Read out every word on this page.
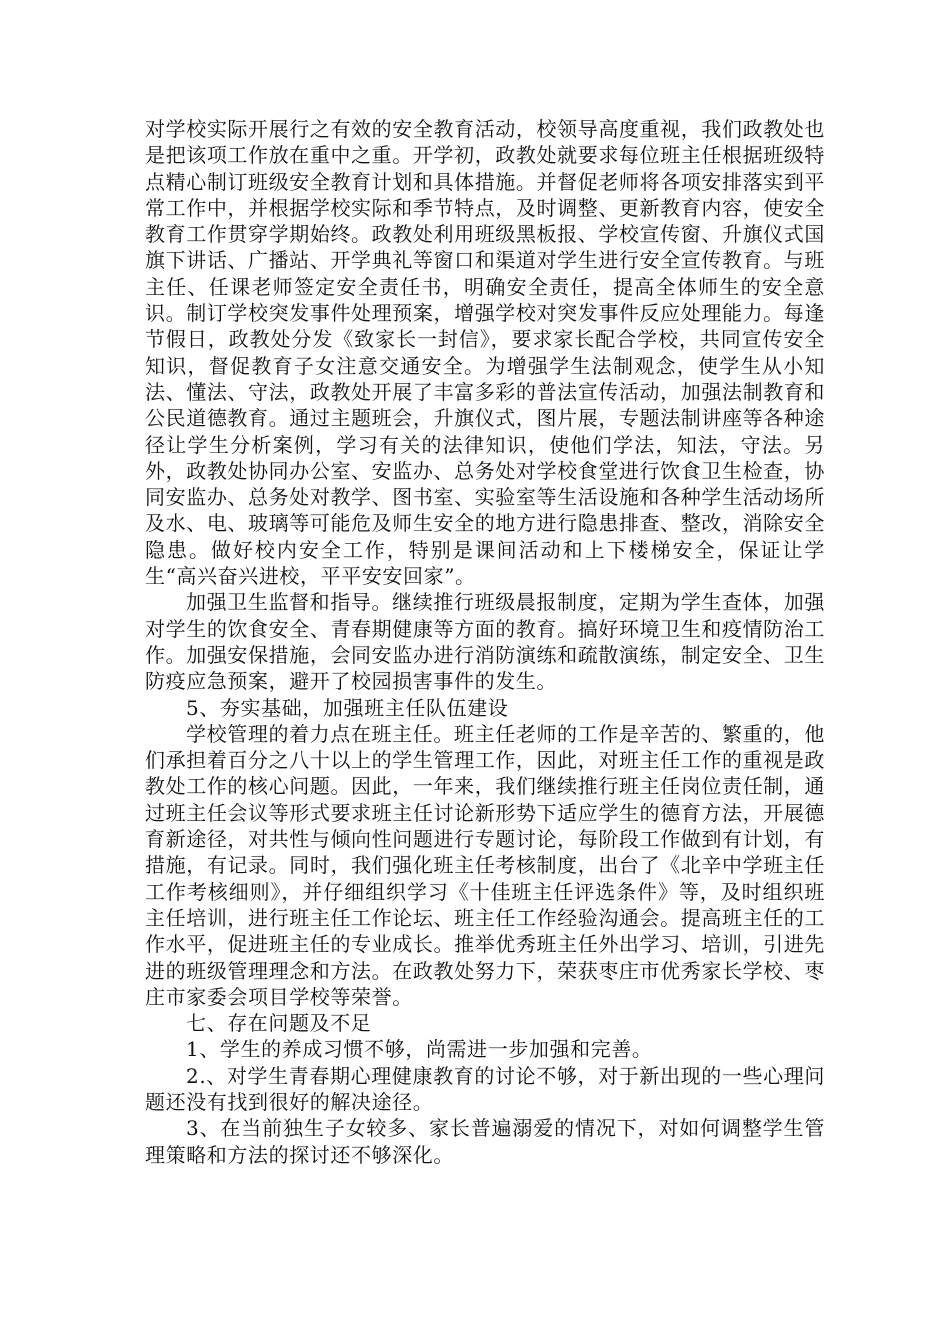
对学校实际开展行之有效的安全教育活动，校领导高度重视，我们政教处也是把该项工作放在重中之重。开学初，政教处就要求每位班主任根据班级特点精心制订班级安全教育计划和具体措施。并督促老师将各项安排落实到平常工作中，并根据学校实际和季节特点，及时调整、更新教育内容，使安全教育工作贯穿学期始终。政教处利用班级黑板报、学校宣传窗、升旗仪式国旗下讲话、广播站、开学典礼等窗口和渠道对学生进行安全宣传教育。与班主任、任课老师签定安全责任书，明确安全责任，提高全体师生的安全意识。制订学校突发事件处理预案，增强学校对突发事件反应处理能力。每逢节假日，政教处分发《致家长一封信》，要求家长配合学校，共同宣传安全知识，督促教育子女注意交通安全。为增强学生法制观念，使学生从小知法、懂法、守法，政教处开展了丰富多彩的普法宣传活动，加强法制教育和公民道德教育。通过主题班会，升旗仪式，图片展，专题法制讲座等各种途径让学生分析案例，学习有关的法律知识，使他们学法，知法，守法。另外，政教处协同办公室、安监办、总务处对学校食堂进行饮食卫生检查，协同安监办、总务处对教学、图书室、实验室等生活设施和各种学生活动场所及水、电、玻璃等可能危及师生安全的地方进行隐患排查、整改，消除安全隐患。做好校内安全工作，特别是课间活动和上下楼梯安全，保证让学生“高兴奋兴进校，平平安安回家”。

加强卫生监督和指导。继续推行班级晨报制度，定期为学生查体，加强对学生的饮食安全、青春期健康等方面的教育。搞好环境卫生和疫情防治工作。加强安保措施，会同安监办进行消防演练和疏散演练，制定安全、卫生防疫应急预案，避开了校园损害事件的发生。

5、夯实基础，加强班主任队伍建设

学校管理的着力点在班主任。班主任老师的工作是辛苦的、繁重的，他们承担着百分之八十以上的学生管理工作，因此，对班主任工作的重视是政教处工作的核心问题。因此，一年来，我们继续推行班主任岗位责任制，通过班主任会议等形式要求班主任讨论新形势下适应学生的德育方法，开展德育新途径，对共性与倾向性问题进行专题讨论，每阶段工作做到有计划，有措施，有记录。同时，我们强化班主任考核制度，出台了《北辛中学班主任工作考核细则》，并仔细组织学习《十佳班主任评选条件》等，及时组织班主任培训，进行班主任工作论坛、班主任工作经验沟通会。提高班主任的工作水平，促进班主任的专业成长。推举优秀班主任外出学习、培训，引进先进的班级管理理念和方法。在政教处努力下，荣获枣庄市优秀家长学校、枣庄市家委会项目学校等荣誉。

七、存在问题及不足

1、学生的养成习惯不够，尚需进一步加强和完善。

2.、对学生青春期心理健康教育的讨论不够，对于新出现的一些心理问题还没有找到很好的解决途径。

3、在当前独生子女较多、家长普遍溺爱的情况下，对如何调整学生管理策略和方法的探讨还不够深化。
